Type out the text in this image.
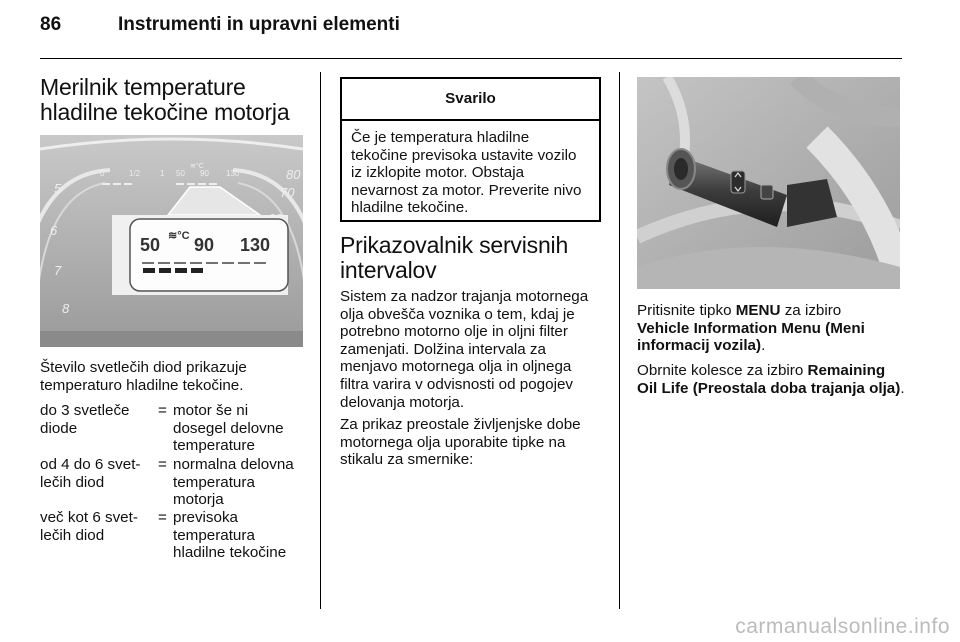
86	Instrumenti in upravni elementi
Merilnik temperature
hladilne tekočine motorja
5
6
7
8
70
80
0	1/2 1 50 90 130
≋°C
50 90 130
≋°C

Število svetlečih diod prikazuje

temperaturo hladilne tekočine.

do 3 svetleče
diode
= motor še ni
dosegel delovne
temperature
od 4 do 6 svet-
lečih diod
= normalna delovna
temperatura
motorja
več kot 6 svet-
lečih diod
= previsoka
temperatura
hladilne tekočine
Svarilo

Če je temperatura hladilne

tekočine previsoka ustavite vozilo

iz izklopite motor. Obstaja

nevarnost za motor. Preverite nivo

hladilne tekočine.

Prikazovalnik servisnih
intervalov

Sistem za nadzor trajanja motornega

olja obvešča voznika o tem, kdaj je

potrebno motorno olje in oljni filter

zamenjati. Dolžina intervala za

menjavo motornega olja in oljnega

filtra varira v odvisnosti od pogojev

delovanja motorja.

Za prikaz preostale življenjske dobe

motornega olja uporabite tipke na

stikalu za smernike:

Pritisnite tipko MENU za izbiro

Vehicle Information Menu (Meni

informacij vozila).

Obrnite kolesce za izbiro Remaining

Oil Life (Preostala doba trajanja olja).

carmanualsonline.info
